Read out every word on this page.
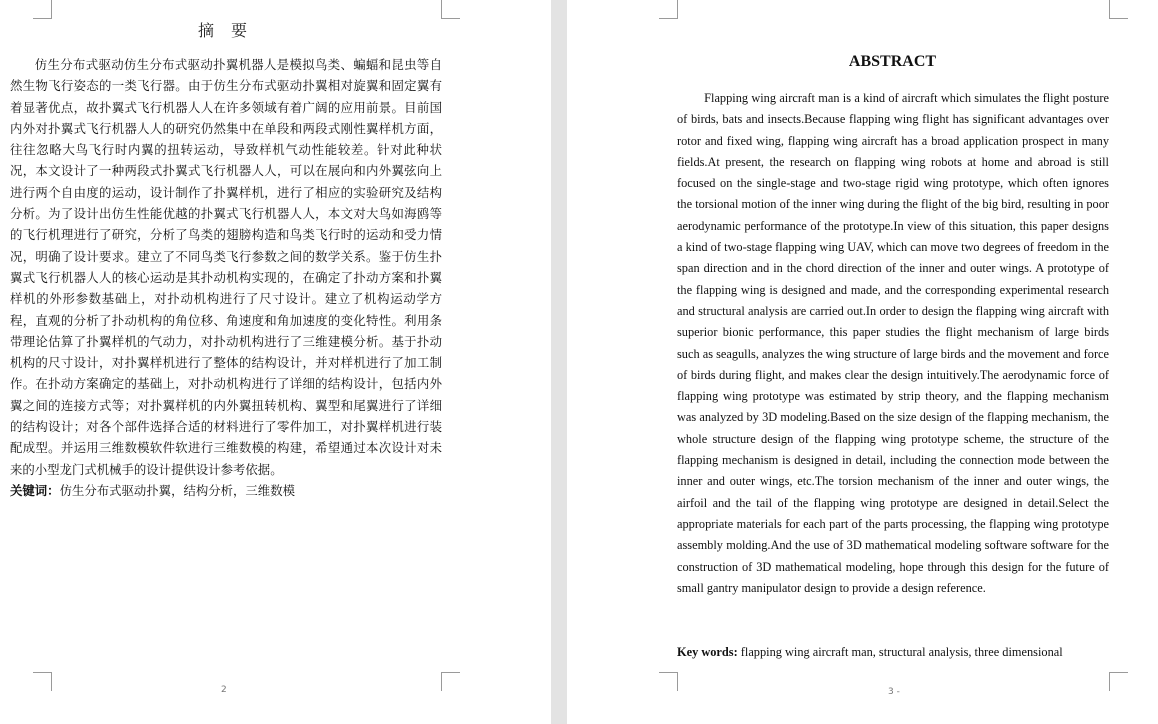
摘 要

仿生分布式驱动仿生分布式驱动扑翼机器人是模拟鸟类、蝙蝠和昆虫等自然生物飞行姿态的一类飞行器。由于仿生分布式驱动扑翼相对旋翼和固定翼有着显著优点，故扑翼式飞行机器人人在许多领域有着广阔的应用前景。目前国内外对扑翼式飞行机器人人的研究仍然集中在单段和两段式刚性翼样机方面，往往忽略大鸟飞行时内翼的扭转运动，导致样机气动性能较差。针对此种状况，本文设计了一种两段式扑翼式飞行机器人人，可以在展向和内外翼弦向上进行两个自由度的运动，设计制作了扑翼样机，进行了相应的实验研究及结构分析。为了设计出仿生性能优越的扑翼式飞行机器人人，本文对大鸟如海鸥等的飞行机理进行了研究，分析了鸟类的翅膀构造和鸟类飞行时的运动和受力情况，明确了设计要求。建立了不同鸟类飞行参数之间的数学关系。鉴于仿生扑翼式飞行机器人人的核心运动是其扑动机构实现的，在确定了扑动方案和扑翼样机的外形参数基础上，对扑动机构进行了尺寸设计。建立了机构运动学方程，直观的分析了扑动机构的角位移、角速度和角加速度的变化特性。利用条带理论估算了扑翼样机的气动力，对扑动机构进行了三维建模分析。基于扑动机构的尺寸设计，对扑翼样机进行了整体的结构设计，并对样机进行了加工制作。在扑动方案确定的基础上，对扑动机构进行了详细的结构设计，包括内外翼之间的连接方式等；对扑翼样机的内外翼扭转机构、翼型和尾翼进行了详细的结构设计；对各个部件选择合适的材料进行了零件加工，对扑翼样机进行装配成型。并运用三维数模软件软进行三维数模的构建，希望通过本次设计对未来的小型龙门式机械手的设计提供设计参考依据。

关键词：仿生分布式驱动扑翼，结构分析，三维数模

2
ABSTRACT

Flapping wing aircraft man is a kind of aircraft which simulates the flight posture of birds, bats and insects.Because flapping wing flight has significant advantages over rotor and fixed wing, flapping wing aircraft has a broad application prospect in many fields.At present, the research on flapping wing robots at home and abroad is still focused on the single-stage and two-stage rigid wing prototype, which often ignores the torsional motion of the inner wing during the flight of the big bird, resulting in poor aerodynamic performance of the prototype.In view of this situation, this paper designs a kind of two-stage flapping wing UAV, which can move two degrees of freedom in the span direction and in the chord direction of the inner and outer wings. A prototype of the flapping wing is designed and made, and the corresponding experimental research and structural analysis are carried out.In order to design the flapping wing aircraft with superior bionic performance, this paper studies the flight mechanism of large birds such as seagulls, analyzes the wing structure of large birds and the movement and force of birds during flight, and makes clear the design intuitively.The aerodynamic force of flapping wing prototype was estimated by strip theory, and the flapping mechanism was analyzed by 3D modeling.Based on the size design of the flapping mechanism, the whole structure design of the flapping wing prototype scheme, the structure of the flapping mechanism is designed in detail, including the connection mode between the inner and outer wings, etc.The torsion mechanism of the inner and outer wings, the airfoil and the tail of the flapping wing prototype are designed in detail.Select the appropriate materials for each part of the parts processing, the flapping wing prototype assembly molding.And the use of 3D mathematical modeling software software for the construction of 3D mathematical modeling, hope through this design for the future of small gantry manipulator design to provide a design reference.

Key words: flapping wing aircraft man, structural analysis, three dimensional

3 -
